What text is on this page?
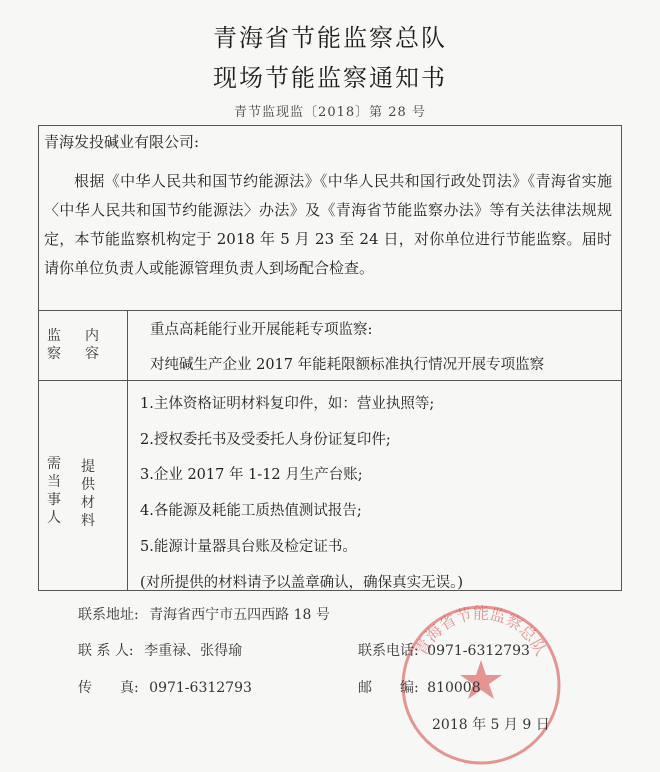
青海省节能监察总队
现场节能监察通知书
青节监现监〔2018〕第 28 号
青海发投碱业有限公司:
根据《中华人民共和国节约能源法》《中华人民共和国行政处罚法》《青海省实施〈中华人民共和国节约能源法〉办法》及《青海省节能监察办法》等有关法律法规规定，本节能监察机构定于 2018 年 5 月 23 至 24 日，对你单位进行节能监察。届时请你单位负责人或能源管理负责人到场配合检查。
监
察
内
容
重点高耗能行业开展能耗专项监察:
对纯碱生产企业 2017 年能耗限额标准执行情况开展专项监察
需
当
事
人
提
供
材
料
1.主体资格证明材料复印件，如：营业执照等;
2.授权委托书及受委托人身份证复印件;
3.企业 2017 年 1-12 月生产台账;
4.各能源及耗能工质热值测试报告;
5.能源计量器具台账及检定证书。
(对所提供的材料请予以盖章确认，确保真实无误。)
青海省节能监察总队
联系地址: 青海省西宁市五四西路 18 号
联 系 人: 李重禄、张得瑜	联系电话: 0971-6312793
传　　真: 0971-6312793	邮　　编: 810008
2018 年 5 月 9 日
